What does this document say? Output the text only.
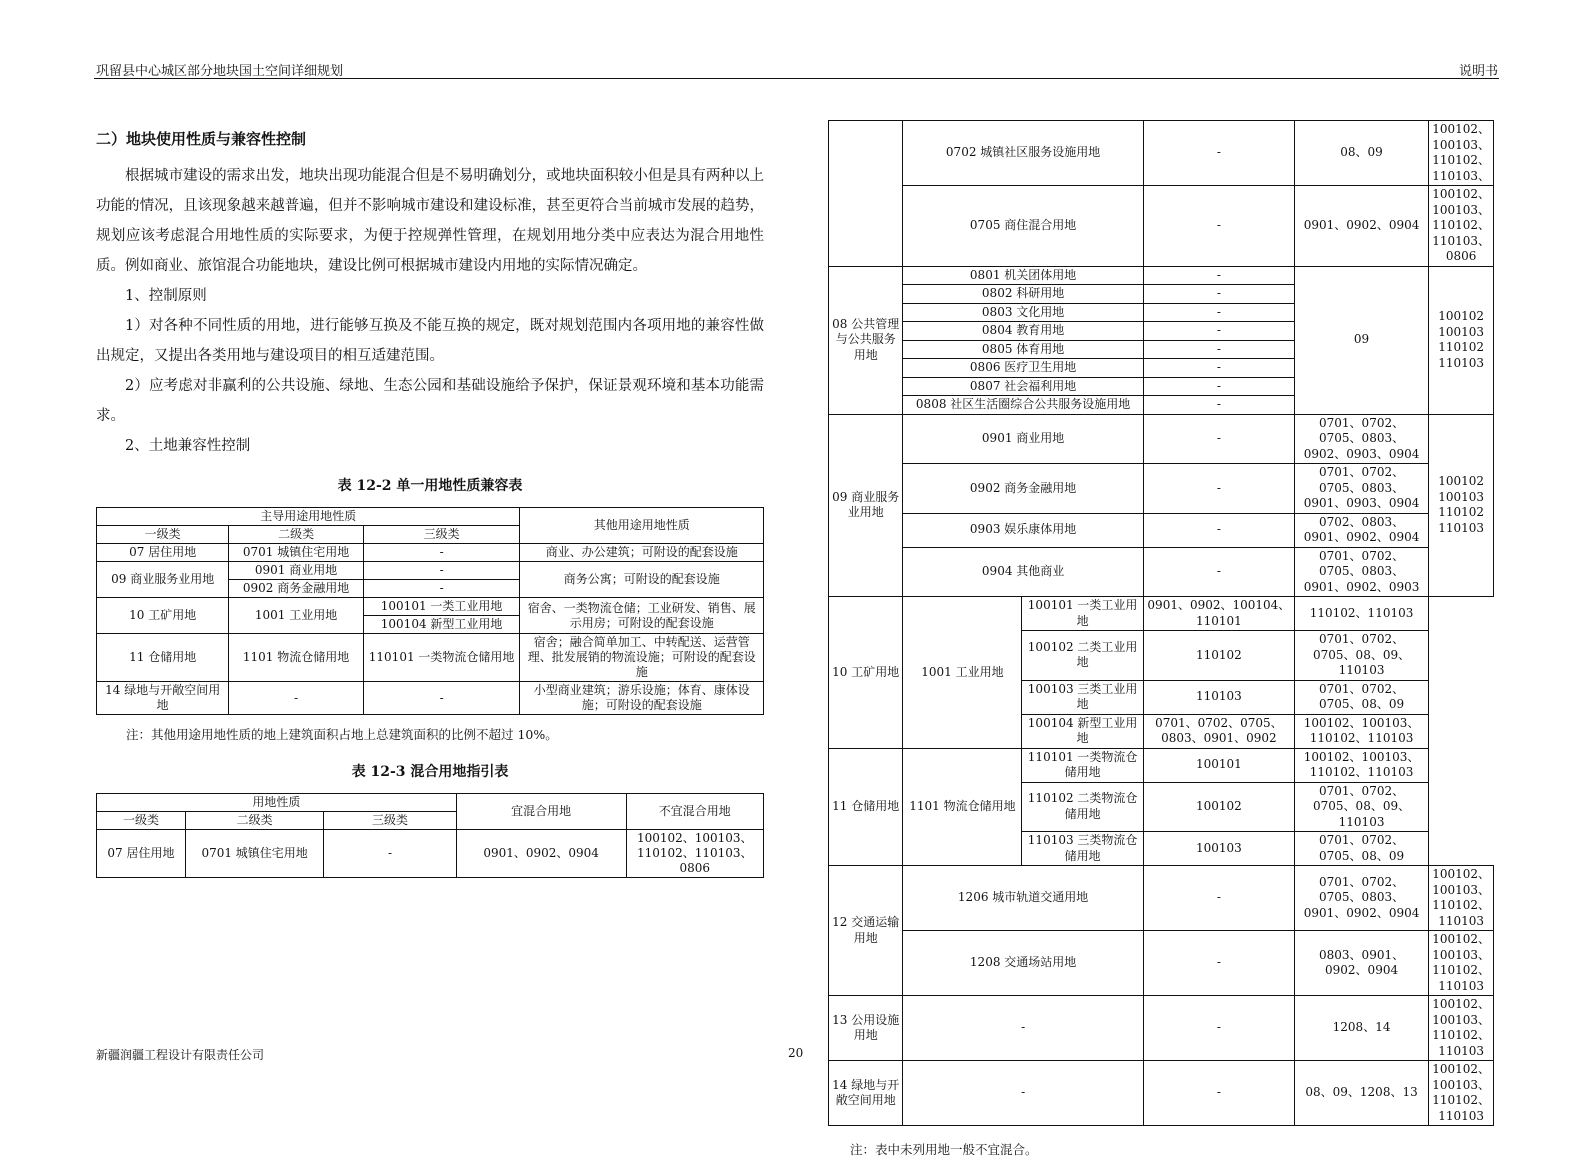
巩留县中心城区部分地块国土空间详细规划	说明书

二）地块使用性质与兼容性控制

根据城市建设的需求出发，地块出现功能混合但是不易明确划分，或地块面积较小但是具有两种以上功能的情况，且该现象越来越普遍，但并不影响城市建设和建设标准，甚至更符合当前城市发展的趋势，规划应该考虑混合用地性质的实际要求，为便于控规弹性管理，在规划用地分类中应表达为混合用地性质。例如商业、旅馆混合功能地块，建设比例可根据城市建设内用地的实际情况确定。

1、控制原则

1）对各种不同性质的用地，进行能够互换及不能互换的规定，既对规划范围内各项用地的兼容性做出规定，又提出各类用地与建设项目的相互适建范围。

2）应考虑对非赢利的公共设施、绿地、生态公园和基础设施给予保护，保证景观环境和基本功能需求。

2、土地兼容性控制

表 12-2 单一用地性质兼容表
主导用途用地性质			其他用途用地性质
一级类	二级类	三级类	
07 居住用地	0701 城镇住宅用地	-	商业、办公建筑；可附设的配套设施
09 商业服务业用地	0901 商业用地	-	商务公寓；可附设的配套设施
	0902 商务金融用地	-	
10 工矿用地	1001 工业用地	100101 一类工业用地	宿舍、一类物流仓储；工业研发、销售、展示用房；可附设的配套设施
		100104 新型工业用地	
11 仓储用地	1101 物流仓储用地	110101 一类物流仓储用地	宿舍；融合简单加工、中转配送、运营管理、批发展销的物流设施；可附设的配套设施
14 绿地与开敞空间用地	-	-	小型商业建筑；游乐设施；体育、康体设施；可附设的配套设施
注：其他用途用地性质的地上建筑面积占地上总建筑面积的比例不超过 10%。
表 12-3 混合用地指引表
用地性质			宜混合用地	不宜混合用地
一级类	二级类	三级类		
07 居住用地	0701 城镇住宅用地	-	0901、0902、0904	100102、100103、110102、110103、0806
	0702 城镇社区服务设施用地		-	08、09	100102、100103、110102、110103、
	0705 商住混合用地		-	0901、0902、0904	100102、100103、110102、110103、0806
08 公共管理与公共服务用地	0801 机关团体用地		-	09	100102
100103
110102
110103

	0802 科研用地		-		
	0803 文化用地		-		
	0804 教育用地		-		
	0805 体育用地		-		
	0806 医疗卫生用地		-		
	0807 社会福利用地		-		
	0808 社区生活圈综合公共服务设施用地		-		
09 商业服务业用地	0901 商业用地		-	0701、0702、0705、0803、0902、0903、0904	100102
100103
110102
110103

	0902 商务金融用地		-	0701、0702、0705、0803、0901、0903、0904	
	0903 娱乐康体用地		-	0702、0803、0901、0902、0904	
	0904 其他商业		-	0701、0702、0705、0803、0901、0902、0903	
10 工矿用地	1001 工业用地	100101 一类工业用地	0901、0902、100104、110101	110102、110103	
		100102 二类工业用地	110102	0701、0702、0705、08、09、110103	
		100103 三类工业用地	110103	0701、0702、0705、08、09	
		100104 新型工业用地	0701、0702、0705、0803、0901、0902	100102、100103、110102、110103	
11 仓储用地	1101 物流仓储用地	110101 一类物流仓储用地	100101	100102、100103、110102、110103	
		110102 二类物流仓储用地	100102	0701、0702、0705、08、09、110103	
		110103 三类物流仓储用地	100103	0701、0702、0705、08、09	
12 交通运输用地	1206 城市轨道交通用地		-	0701、0702、0705、0803、0901、0902、0904	100102、100103、110102、110103
	1208 交通场站用地		-	0803、0901、0902、0904	100102、100103、110102、110103
13 公用设施用地	-		-	1208、14	100102、100103、110102、110103
14 绿地与开敞空间用地	-		-	08、09、1208、13	100102、100103、110102、110103
注：表中未列用地一般不宜混合。
新疆润疆工程设计有限责任公司	20
